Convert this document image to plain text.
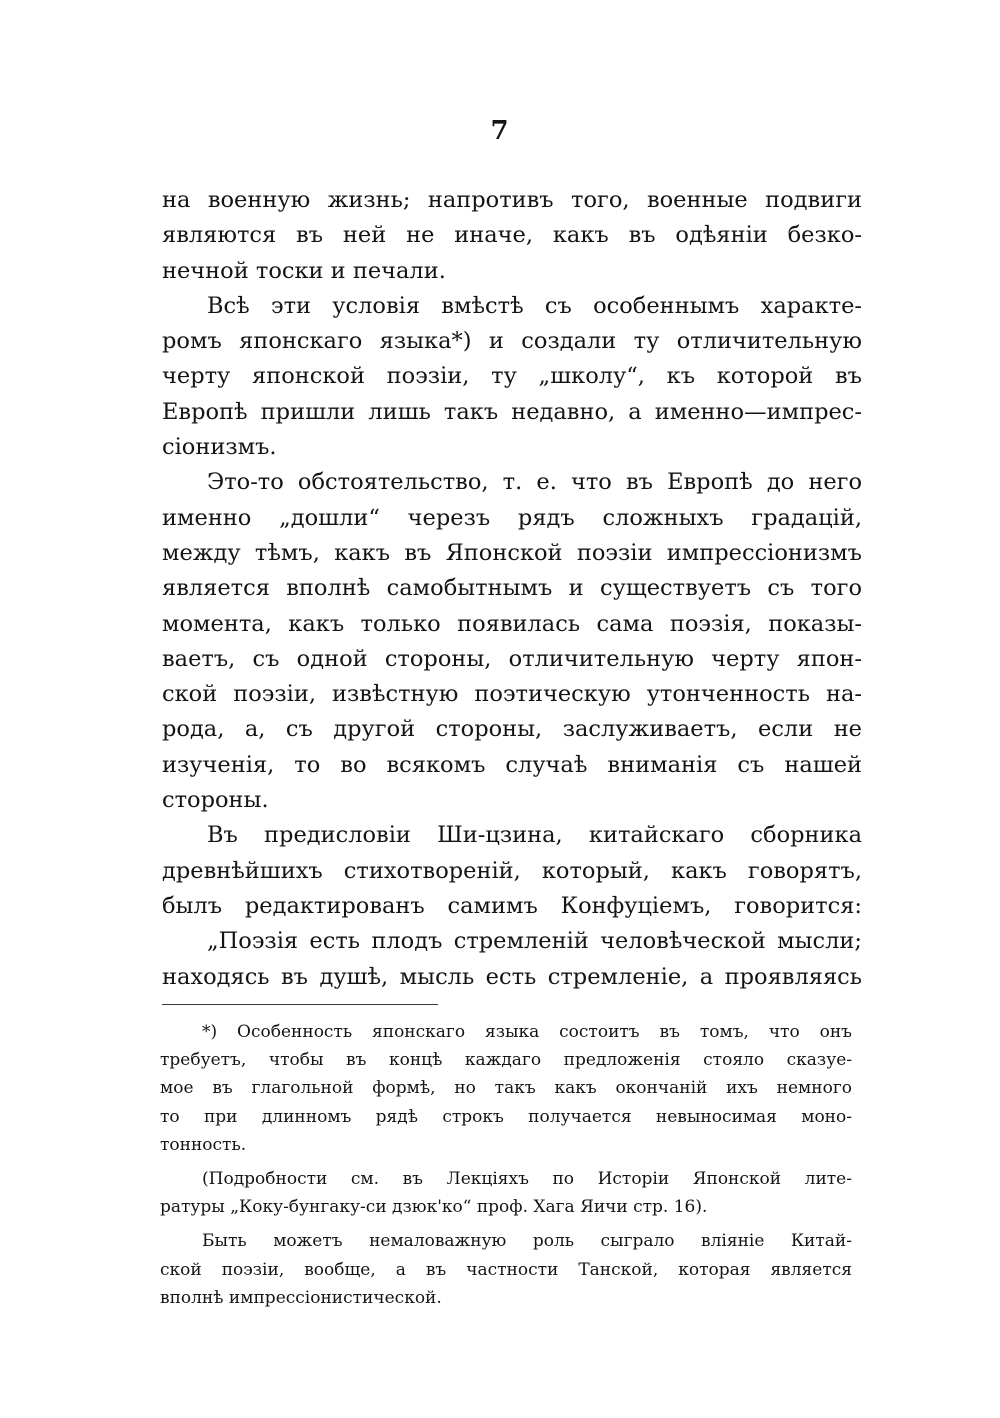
7
на военную жизнь; напротивъ того, военные подвиги
являются въ ней не иначе, какъ въ одѣяніи безко-
нечной тоски и печали.
Всѣ эти условія вмѣстѣ съ особеннымъ характе-
ромъ японскаго языка*) и создали ту отличительную
черту японской поэзіи, ту „школу“, къ которой въ
Европѣ пришли лишь такъ недавно, а именно—импрес-
сіонизмъ.
Это-то обстоятельство, т. е. что въ Европѣ до него
именно „дошли“ черезъ рядъ сложныхъ градацій,
между тѣмъ, какъ въ Японской поэзіи импрессіонизмъ
является вполнѣ самобытнымъ и существуетъ съ того
момента, какъ только появилась сама поэзія, показы-
ваетъ, съ одной стороны, отличительную черту япон-
ской поэзіи, извѣстную поэтическую утонченность на-
рода, а, съ другой стороны, заслуживаетъ, если не
изученія, то во всякомъ случаѣ вниманія съ нашей
стороны.
Въ предисловіи Ши-цзина, китайскаго сборника
древнѣйшихъ стихотвореній, который, какъ говорятъ,
былъ редактированъ самимъ Конфуціемъ, говорится:
„Поэзія есть плодъ стремленій человѣческой мысли;
находясь въ душѣ, мысль есть стремленіе, а проявляясь
*) Особенность японскаго языка состоитъ въ томъ, что онъ
требуетъ, чтобы въ концѣ каждаго предложенія стояло сказуе-
мое въ глагольной формѣ, но такъ какъ окончаній ихъ немного
то при длинномъ рядѣ строкъ получается невыносимая моно-
тонность.
(Подробности см. въ Лекціяхъ по Исторіи Японской лите-
ратуры „Коку-бунгаку-си дзюк'ко“ проф. Хага Яичи стр. 16).
Быть можетъ немаловажную роль сыграло вліяніе Китай-
ской поэзіи, вообще, а въ частности Танской, которая является
вполнѣ импрессіонистической.
